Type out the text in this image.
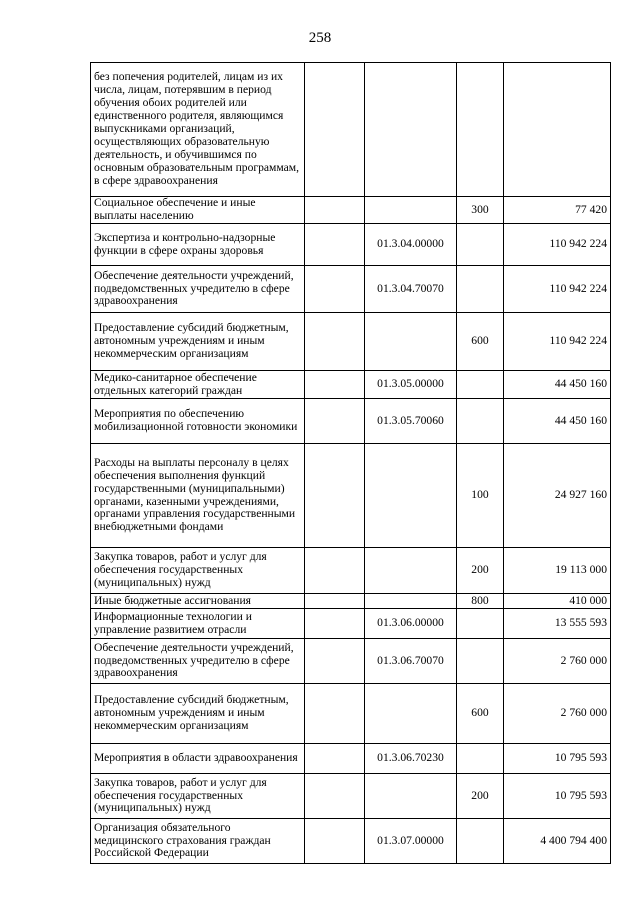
258
без попечения родителей, лицам из их числа, лицам, потерявшим в период обучения обоих родителей или единственного родителя, являющимся выпускниками организаций, осуществляющих образовательную деятельность, и обучившимся по основным образовательным программам, в сфере здравоохранения				
Социальное обеспечение и иные выплаты населению			300	77 420
Экспертиза и контрольно-надзорные функции в сфере охраны здоровья		01.3.04.00000		110 942 224
Обеспечение деятельности учреждений, подведомственных учредителю в сфере здравоохранения		01.3.04.70070		110 942 224
Предоставление субсидий бюджетным, автономным учреждениям и иным некоммерческим организациям			600	110 942 224
Медико-санитарное обеспечение отдельных категорий граждан		01.3.05.00000		44 450 160
Мероприятия по обеспечению мобилизационной готовности экономики		01.3.05.70060		44 450 160
Расходы на выплаты персоналу в целях обеспечения выполнения функций государственными (муниципальными) органами, казенными учреждениями, органами управления государственными внебюджетными фондами			100	24 927 160
Закупка товаров, работ и услуг для обеспечения государственных (муниципальных) нужд			200	19 113 000
Иные бюджетные ассигнования			800	410 000
Информационные технологии и управление развитием отрасли		01.3.06.00000		13 555 593
Обеспечение деятельности учреждений, подведомственных учредителю в сфере здравоохранения		01.3.06.70070		2 760 000
Предоставление субсидий бюджетным, автономным учреждениям и иным некоммерческим организациям			600	2 760 000
Мероприятия в области здравоохранения		01.3.06.70230		10 795 593
Закупка товаров, работ и услуг для обеспечения государственных (муниципальных) нужд			200	10 795 593
Организация обязательного медицинского страхования граждан Российской Федерации		01.3.07.00000		4 400 794 400
